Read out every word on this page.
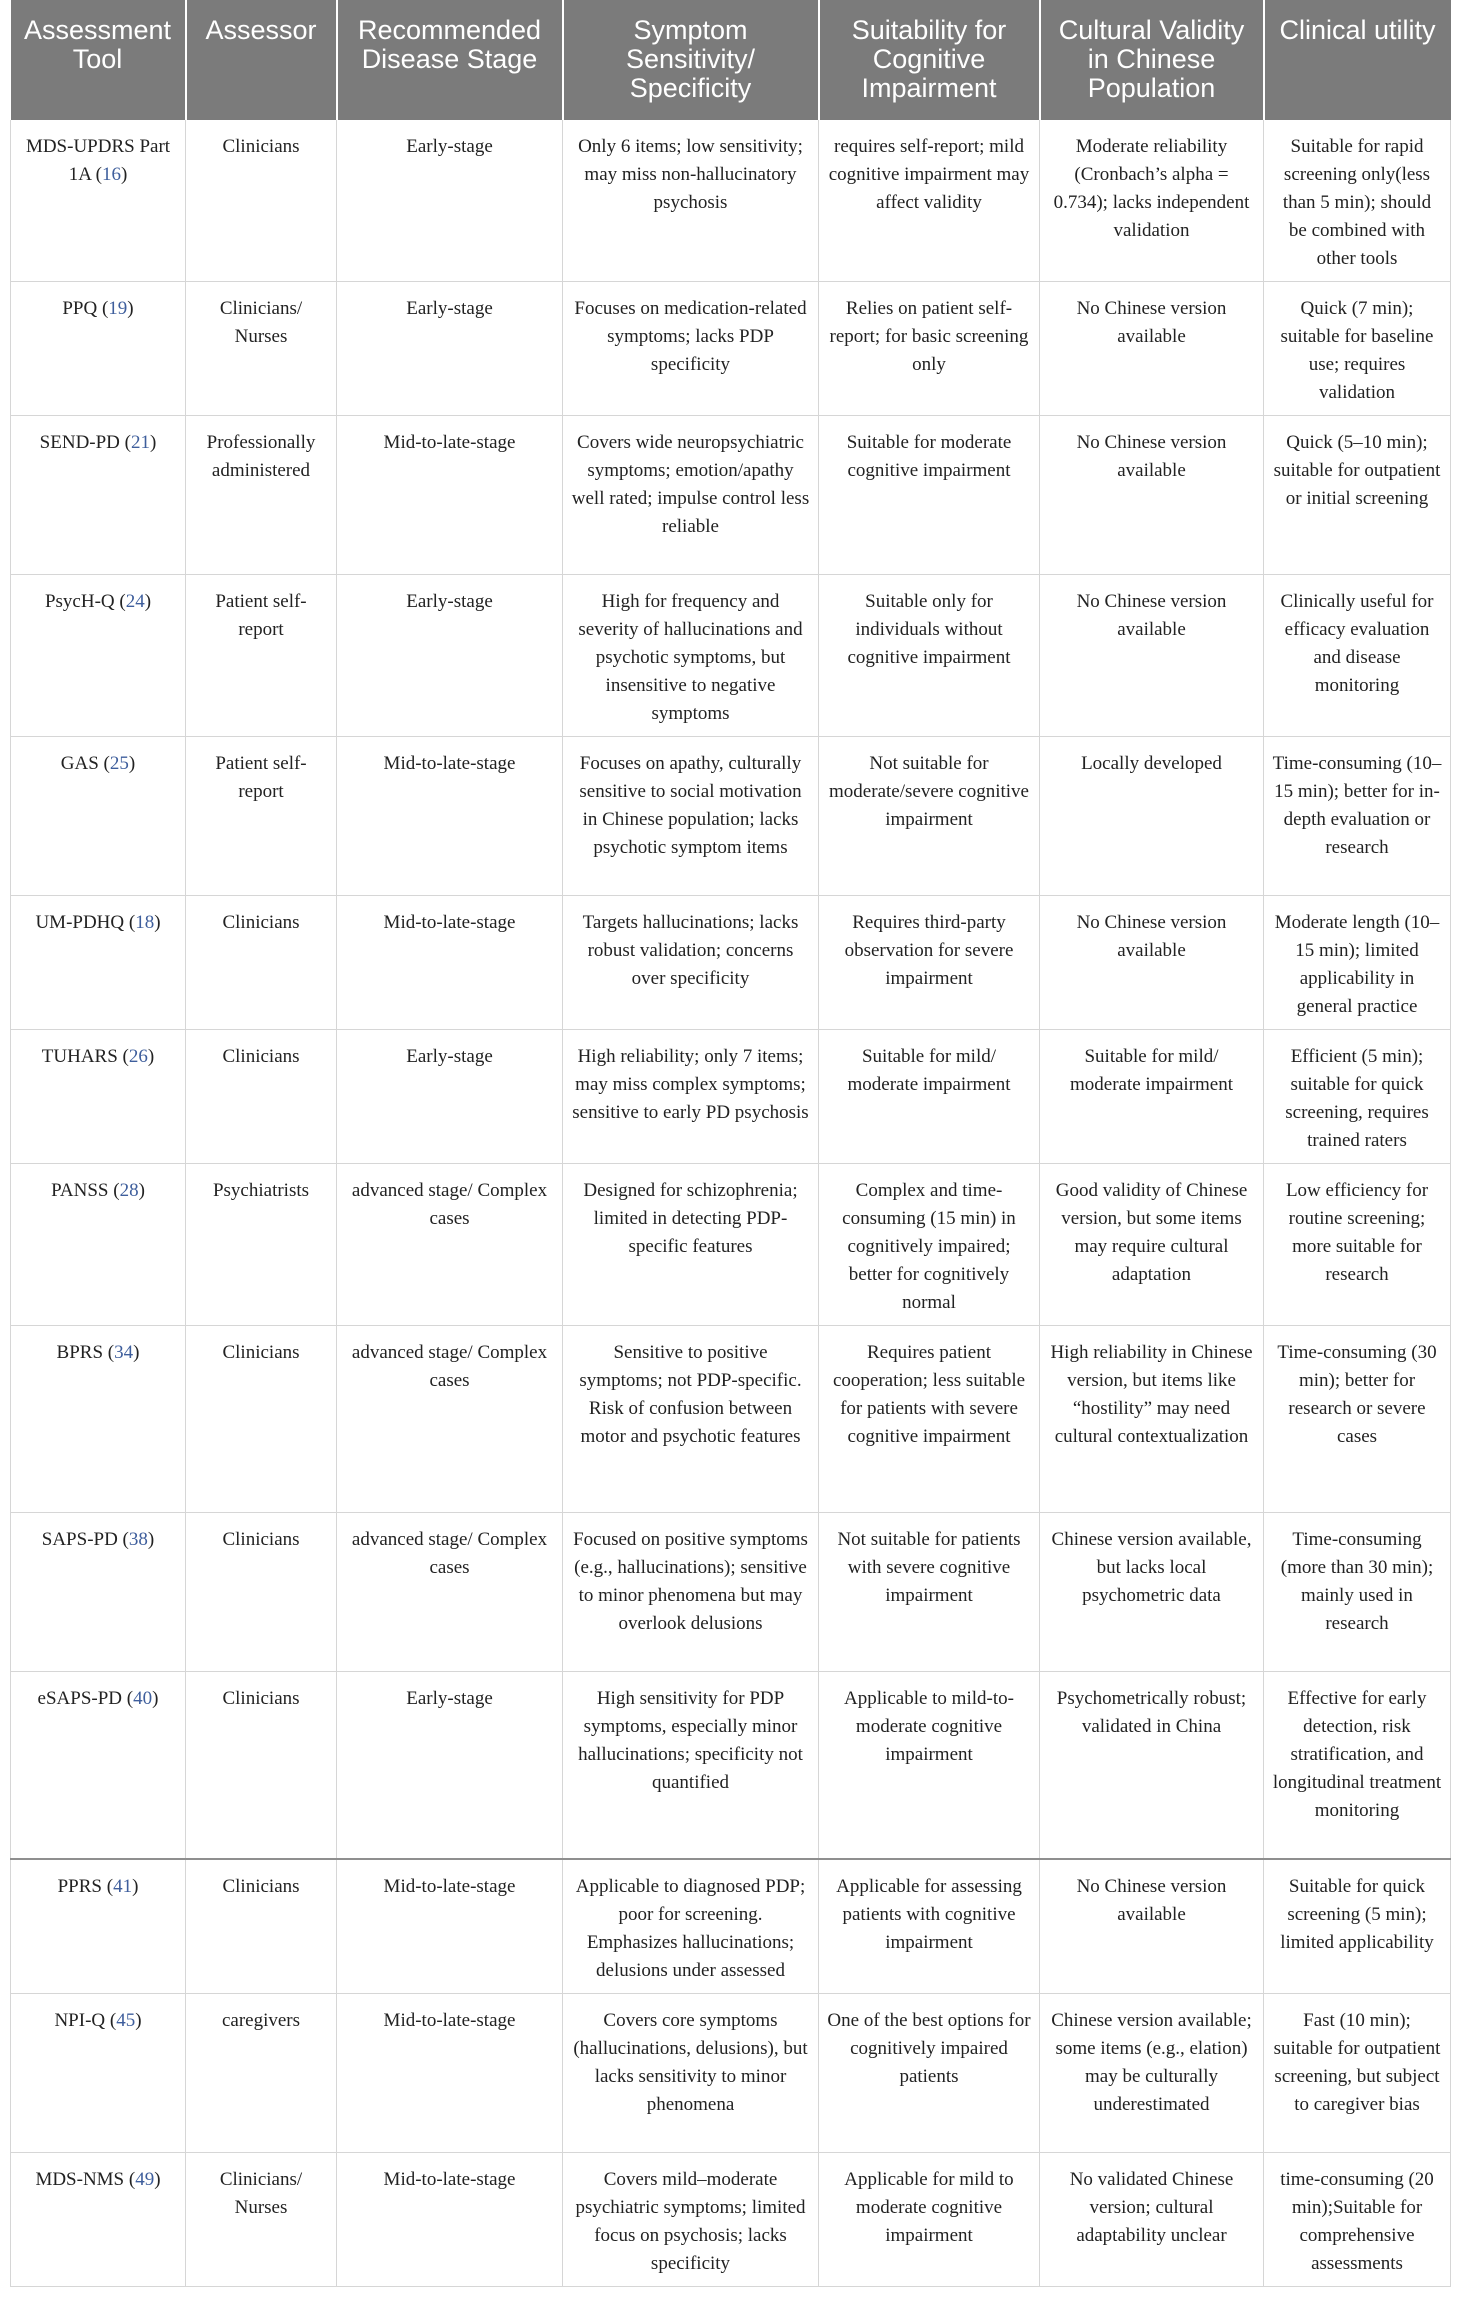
Assessment Tool	Assessor	Recommended Disease Stage	Symptom Sensitivity/ Specificity	Suitability for Cognitive Impairment	Cultural Validity in Chinese Population	Clinical utility
MDS-UPDRS Part 1A (16)	Clinicians	Early-stage	Only 6 items; low sensitivity; may miss non-hallucinatory psychosis	requires self-report; mild cognitive impairment may affect validity	Moderate reliability (Cronbach’s alpha = 0.734); lacks independent validation	Suitable for rapid screening only(less than 5 min); should be combined with other tools
PPQ (19)	Clinicians/ Nurses	Early-stage	Focuses on medication-related symptoms; lacks PDP specificity	Relies on patient self-report; for basic screening only	No Chinese version available	Quick (7 min); suitable for baseline use; requires validation
SEND-PD (21)	Professionally administered	Mid-to-late-stage	Covers wide neuropsychiatric symptoms; emotion/apathy well rated; impulse control less reliable	Suitable for moderate cognitive impairment	No Chinese version available	Quick (5–10 min); suitable for outpatient or initial screening
PsycH-Q (24)	Patient self-report	Early-stage	High for frequency and severity of hallucinations and psychotic symptoms, but insensitive to negative symptoms	Suitable only for individuals without cognitive impairment	No Chinese version available	Clinically useful for efficacy evaluation and disease monitoring
GAS (25)	Patient self-report	Mid-to-late-stage	Focuses on apathy, culturally sensitive to social motivation in Chinese population; lacks psychotic symptom items	Not suitable for moderate/severe cognitive impairment	Locally developed	Time-consuming (10–15 min); better for in-depth evaluation or research
UM-PDHQ (18)	Clinicians	Mid-to-late-stage	Targets hallucinations; lacks robust validation; concerns over specificity	Requires third-party observation for severe impairment	No Chinese version available	Moderate length (10–15 min); limited applicability in general practice
TUHARS (26)	Clinicians	Early-stage	High reliability; only 7 items; may miss complex symptoms; sensitive to early PD psychosis	Suitable for mild/ moderate impairment	Suitable for mild/ moderate impairment	Efficient (5 min); suitable for quick screening, requires trained raters
PANSS (28)	Psychiatrists	advanced stage/ Complex cases	Designed for schizophrenia; limited in detecting PDP-specific features	Complex and time-consuming (15 min) in cognitively impaired; better for cognitively normal	Good validity of Chinese version, but some items may require cultural adaptation	Low efficiency for routine screening; more suitable for research
BPRS (34)	Clinicians	advanced stage/ Complex cases	Sensitive to positive symptoms; not PDP-specific. Risk of confusion between motor and psychotic features	Requires patient cooperation; less suitable for patients with severe cognitive impairment	High reliability in Chinese version, but items like “hostility” may need cultural contextualization	Time-consuming (30 min); better for research or severe cases
SAPS-PD (38)	Clinicians	advanced stage/ Complex cases	Focused on positive symptoms (e.g., hallucinations); sensitive to minor phenomena but may overlook delusions	Not suitable for patients with severe cognitive impairment	Chinese version available, but lacks local psychometric data	Time-consuming (more than 30 min); mainly used in research
eSAPS-PD (40)	Clinicians	Early-stage	High sensitivity for PDP symptoms, especially minor hallucinations; specificity not quantified	Applicable to mild-to-moderate cognitive impairment	Psychometrically robust; validated in China	Effective for early detection, risk stratification, and longitudinal treatment monitoring
PPRS (41)	Clinicians	Mid-to-late-stage	Applicable to diagnosed PDP; poor for screening. Emphasizes hallucinations; delusions under assessed	Applicable for assessing patients with cognitive impairment	No Chinese version available	Suitable for quick screening (5 min); limited applicability
NPI-Q (45)	caregivers	Mid-to-late-stage	Covers core symptoms (hallucinations, delusions), but lacks sensitivity to minor phenomena	One of the best options for cognitively impaired patients	Chinese version available; some items (e.g., elation) may be culturally underestimated	Fast (10 min); suitable for outpatient screening, but subject to caregiver bias
MDS-NMS (49)	Clinicians/ Nurses	Mid-to-late-stage	Covers mild–moderate psychiatric symptoms; limited focus on psychosis; lacks specificity	Applicable for mild to moderate cognitive impairment	No validated Chinese version; cultural adaptability unclear	time-consuming (20 min);Suitable for comprehensive assessments
